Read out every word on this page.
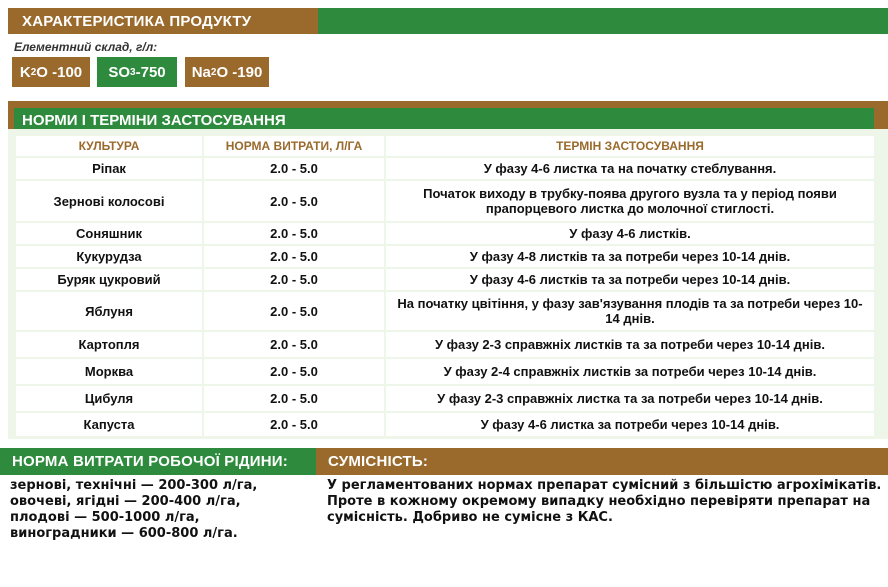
ХАРАКТЕРИСТИКА ПРОДУКТУ
Елементний склад, г/л:
K 2 O -100 SO 3 -750 Na 2 O -190
НОРМИ І ТЕРМІНИ ЗАСТОСУВАННЯ
КУЛЬТУРА	НОРМА ВИТРАТИ, Л/ГА	ТЕРМІН ЗАСТОСУВАННЯ
Ріпак	2.0 - 5.0	У фазу 4-6 листка та на початку стеблування.
Зернові колосові	2.0 - 5.0	Початок виходу в трубку-поява другого вузла та у період появи прапорцевого листка до молочної стиглості.
Соняшник	2.0 - 5.0	У фазу 4-6 листків.
Кукурудза	2.0 - 5.0	У фазу 4-8 листків та за потреби через 10-14 днів.
Буряк цукровий	2.0 - 5.0	У фазу 4-6 листків та за потреби через 10-14 днів.
Яблуня	2.0 - 5.0	На початку цвітіння, у фазу зав'язування плодів та за потреби через 10-14 днів.
Картопля	2.0 - 5.0	У фазу 2-3 справжніх листків та за потреби через 10-14 днів.
Морква	2.0 - 5.0	У фазу 2-4 справжніх листків за потреби через 10-14 днів.
Цибуля	2.0 - 5.0	У фазу 2-3 справжніх листка та за потреби через 10-14 днів.
Капуста	2.0 - 5.0	У фазу 4-6 листка за потреби через 10-14 днів.
НОРМА ВИТРАТИ РОБОЧОЇ РІДИНИ:	СУМІСНІСТЬ:
зернові, технічні — 200-300 л/га,
овочеві, ягідні — 200-400 л/га,
плодові — 500-1000 л/га,
виноградники — 600-800 л/га.
У регламентованих нормах препарат сумісний з більшістю агрохімікатів. Проте в кожному окремому випадку необхідно перевіряти препарат на сумісність. Добриво не сумісне з КАС.
